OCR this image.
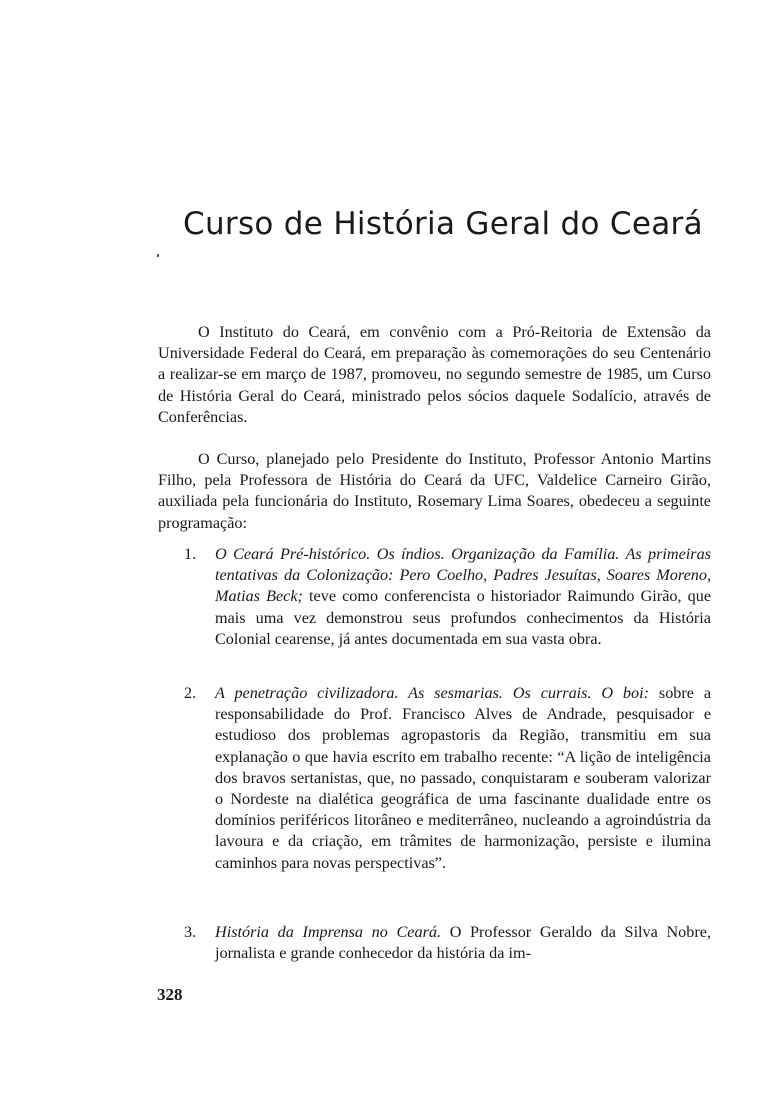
Curso de História Geral do Ceará

O Instituto do Ceará, em convênio com a Pró-Reitoria de Extensão da Universidade Federal do Ceará, em preparação às comemorações do seu Centenário a realizar-se em março de 1987, promoveu, no segundo semestre de 1985, um Curso de História Geral do Ceará, ministrado pelos sócios daquele Sodalício, através de Conferências.

O Curso, planejado pelo Presidente do Instituto, Professor Antonio Martins Filho, pela Professora de História do Ceará da UFC, Valdelice Carneiro Girão, auxiliada pela funcionária do Instituto, Rosemary Lima Soares, obedeceu a seguinte programação:

1.	O Ceará Pré-histórico. Os índios. Organização da Família. As primeiras tentativas da Colonização: Pero Coelho, Padres Jesuítas, Soares Moreno, Matias Beck; teve como conferencista o historiador Raimundo Girão, que mais uma vez demonstrou seus profundos conhecimentos da História Colonial cearense, já antes documentada em sua vasta obra.
2.	A penetração civilizadora. As sesmarias. Os currais. O boi: sobre a responsabilidade do Prof. Francisco Alves de Andrade, pesquisador e estudioso dos problemas agropastoris da Região, transmitiu em sua explanação o que havia escrito em trabalho recente: “A lição de inteligência dos bravos sertanistas, que, no passado, conquistaram e souberam valorizar o Nordeste na dialética geográfica de uma fascinante dualidade entre os domínios periféricos litorâneo e mediterrâneo, nucleando a agroindústria da lavoura e da criação, em trâmites de harmonização, persiste e ilumina caminhos para novas perspectivas”.
3.	História da Imprensa no Ceará. O Professor Geraldo da Silva Nobre, jornalista e grande conhecedor da história da im-

328
